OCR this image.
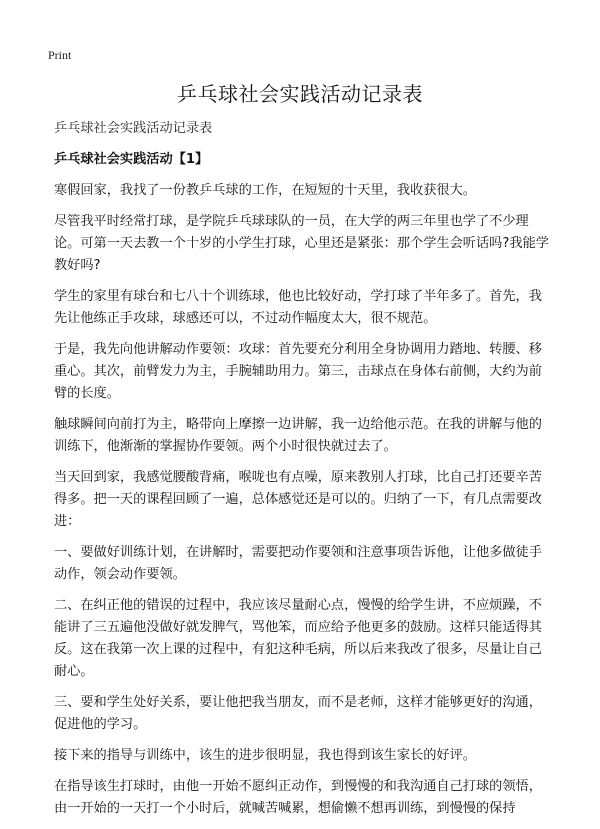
Print
乒乓球社会实践活动记录表

乒乓球社会实践活动记录表

乒乓球社会实践活动【1】

寒假回家，我找了一份教乒乓球的工作，在短短的十天里，我收获很大。

尽管我平时经常打球，是学院乒乓球球队的一员，在大学的两三年里也学了不少理论。可第一天去教一个十岁的小学生打球，心里还是紧张：那个学生会听话吗?我能学教好吗?

学生的家里有球台和七八十个训练球，他也比较好动，学打球了半年多了。首先，我先让他练正手攻球，球感还可以，不过动作幅度太大，很不规范。

于是，我先向他讲解动作要领：攻球：首先要充分利用全身协调用力踏地、转腰、移重心。其次，前臂发力为主，手腕辅助用力。第三，击球点在身体右前侧，大约为前臂的长度。

触球瞬间向前打为主，略带向上摩擦一边讲解，我一边给他示范。在我的讲解与他的训练下，他渐渐的掌握协作要领。两个小时很快就过去了。

当天回到家，我感觉腰酸背痛，喉咙也有点噪，原来教别人打球，比自己打还要辛苦得多。把一天的课程回顾了一遍，总体感觉还是可以的。归纳了一下，有几点需要改进：

一、要做好训练计划，在讲解时，需要把动作要领和注意事项告诉他，让他多做徒手动作，领会动作要领。

二、在纠正他的错误的过程中，我应该尽量耐心点，慢慢的给学生讲，不应烦躁，不能讲了三五遍他没做好就发脾气，骂他笨，而应给予他更多的鼓励。这样只能适得其反。这在我第一次上课的过程中，有犯这种毛病，所以后来我改了很多，尽量让自己耐心。

三、要和学生处好关系，要让他把我当朋友，而不是老师，这样才能够更好的沟通，促进他的学习。

接下来的指导与训练中，该生的进步很明显，我也得到该生家长的好评。

在指导该生打球时，由他一开始不愿纠正动作，到慢慢的和我沟通自己打球的领悟，由一开始的一天打一个小时后，就喊苦喊累，想偷懒不想再训练，到慢慢的保持
